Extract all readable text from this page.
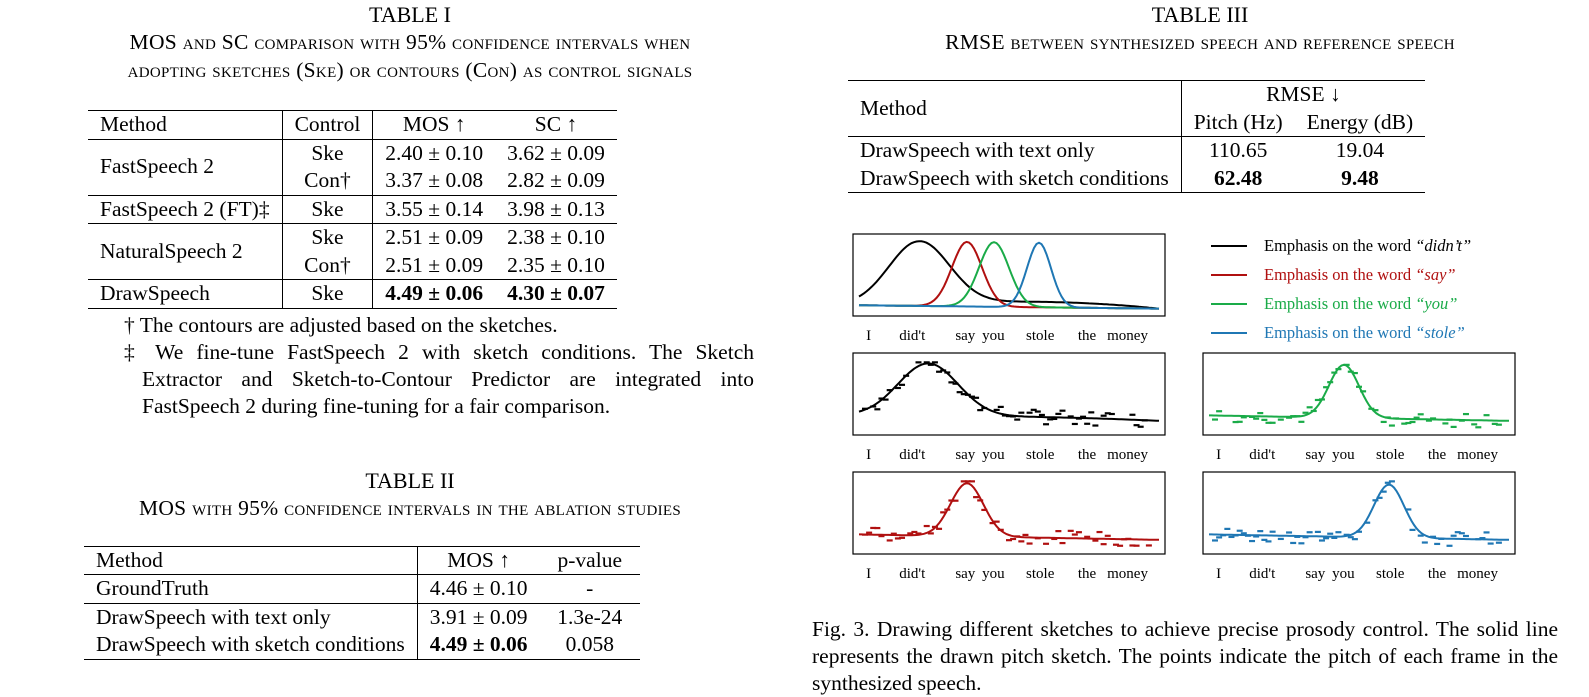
TABLE I

MOS and SC comparison with 95% confidence intervals when

adopting sketches (Ske) or contours (Con) as control signals

Method	Control	MOS ↑	SC ↑
FastSpeech 2	Ske	2.40 ± 0.10	3.62 ± 0.09
	Con†	3.37 ± 0.08	2.82 ± 0.09
FastSpeech 2 (FT)‡	Ske	3.55 ± 0.14	3.98 ± 0.13
NaturalSpeech 2	Ske	2.51 ± 0.09	2.38 ± 0.10
	Con†	2.51 ± 0.09	2.35 ± 0.10
DrawSpeech	Ske	4.49 ± 0.06	4.30 ± 0.07

† The contours are adjusted based on the sketches.

‡ We fine-tune FastSpeech 2 with sketch conditions. The Sketch Extractor and Sketch-to-Contour Predictor are integrated into FastSpeech 2 during fine-tuning for a fair comparison.

TABLE II

MOS with 95% confidence intervals in the ablation studies

Method	MOS ↑	p-value
GroundTruth	4.46 ± 0.10	-
DrawSpeech with text only	3.91 ± 0.09	1.3e-24
DrawSpeech with sketch conditions	4.49 ± 0.06	0.058

TABLE III

RMSE between synthesized speech and reference speech

Method	RMSE ↓	
	Pitch (Hz)	Energy (dB)
DrawSpeech with text only	110.65	19.04
DrawSpeech with sketch conditions	62.48	9.48
I did't say you stole the money
I did't say you stole the money	I did't say you stole the money
I did't say you stole the money	I did't say you stole the money
Emphasis on the word “didn’t”
Emphasis on the word “say”
Emphasis on the word “you”
Emphasis on the word “stole”
Fig. 3. Drawing different sketches to achieve precise prosody control. The solid line represents the drawn pitch sketch. The points indicate the pitch of each frame in the synthesized speech.
